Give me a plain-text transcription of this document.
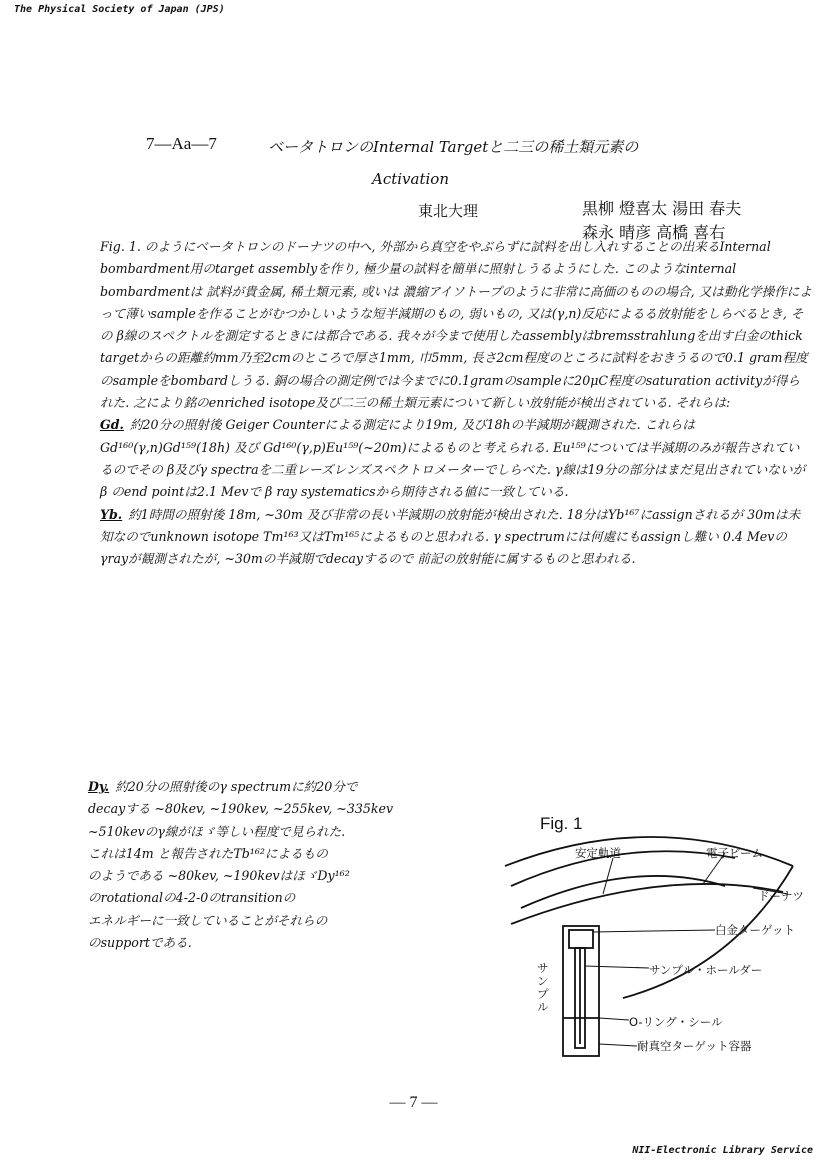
The Physical Society of Japan (JPS)
7―Aa―7	ベータトロンのInternal Targetと二三の稀土類元素の
Activation
東北大理	黒柳 燈喜太 湯田 春夫
森永 晴彦 高橋 喜右

Fig. 1. のようにベータトロンのドーナツの中へ, 外部から真空をやぶらずに試料を出し入れすることの出来るInternal bombardment用のtarget assemblyを作り, 極少量の試料を簡単に照射しうるようにした. このようなinternal bombardmentは 試料が貴金属, 稀土類元素, 或いは 濃縮アイソトープのように非常に高価のものの場合, 又は動化学操作によって薄いsampleを作ることがむつかしいような短半減期のもの, 弱いもの, 又は(γ,n)反応によるる放射能をしらべるとき, その β線のスペクトルを測定するときには都合である. 我々が今まで使用したassemblyはbremsstrahlungを出す白金のthick targetからの距離約mm乃至2cmのところで厚さ1mm, 巾5mm, 長さ2cm程度のところに試料をおきうるので0.1 gram程度のsampleをbombardしうる. 銅の場合の測定例では今までに0.1gramのsampleに20μC程度のsaturation activityが得られた. 之により銘のenriched isotope及び二三の稀土類元素について新しい放射能が検出されている. それらは:

Gd. 約20分の照射後 Geiger Counterによる測定により19m, 及び18hの半減期が観測された. これらはGd¹⁶⁰(γ,n)Gd¹⁵⁹(18h) 及び Gd¹⁶⁰(γ,p)Eu¹⁵⁹(~20m)によるものと考えられる. Eu¹⁵⁹については半減期のみが報告されているのでその β及びγ spectraを二重レーズレンズスペクトロメーターでしらべた. γ線は19分の部分はまだ見出されていないが β のend pointは2.1 Mevで β ray systematicsから期待される値に一致している.

Yb. 約1時間の照射後 18m, ~30m 及び非常の長い半減期の放射能が検出された. 18分はYb¹⁶⁷にassignされるが 30mは未知なのでunknown isotope Tm¹⁶³又はTm¹⁶⁵によるものと思われる. γ spectrumには何處にもassignし難い 0.4 Mevのγrayが観測されたが, ~30mの半減期でdecayするので 前記の放射能に属するものと思われる.

Dy. 約20分の照射後のγ spectrumに約20分で
decayする ~80kev, ~190kev, ~255kev, ~335kev
~510kevのγ線がほゞ等しい程度で見られた.
これは14m と報告されたTb¹⁶²によるもの
のようである ~80kev, ~190kevはほゞDy¹⁶²
のrotationalの4-2-0のtransitionの
エネルギーに一致していることがそれらの
のsupportである.
Fig. 1
安定軌道	電子ビーム
ドーナツ
白金ターゲット
サンプル
サンプル・ホールダー
O-リング・シール
耐真空ターゲット容器
— 7 —
NII-Electronic Library Service
